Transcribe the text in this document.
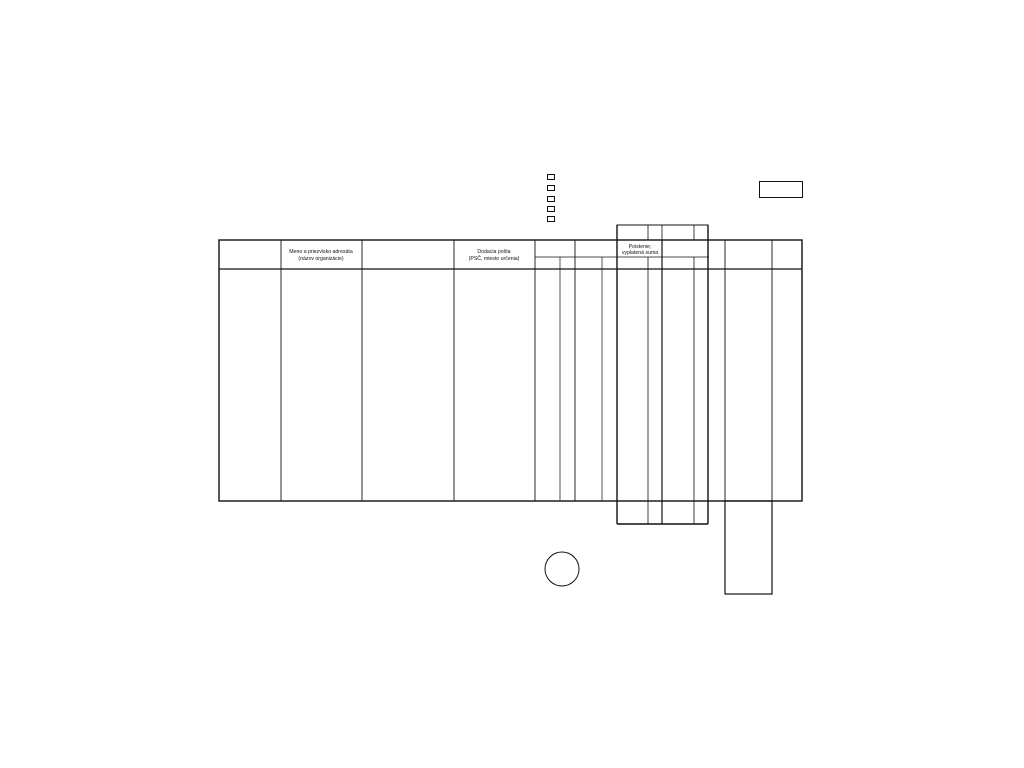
Meno a priezvisko adresáta
(názov organizácie)
Dodacia pošta
(PSČ, miesto určenia)
Poistenie;
vyplatená suma
